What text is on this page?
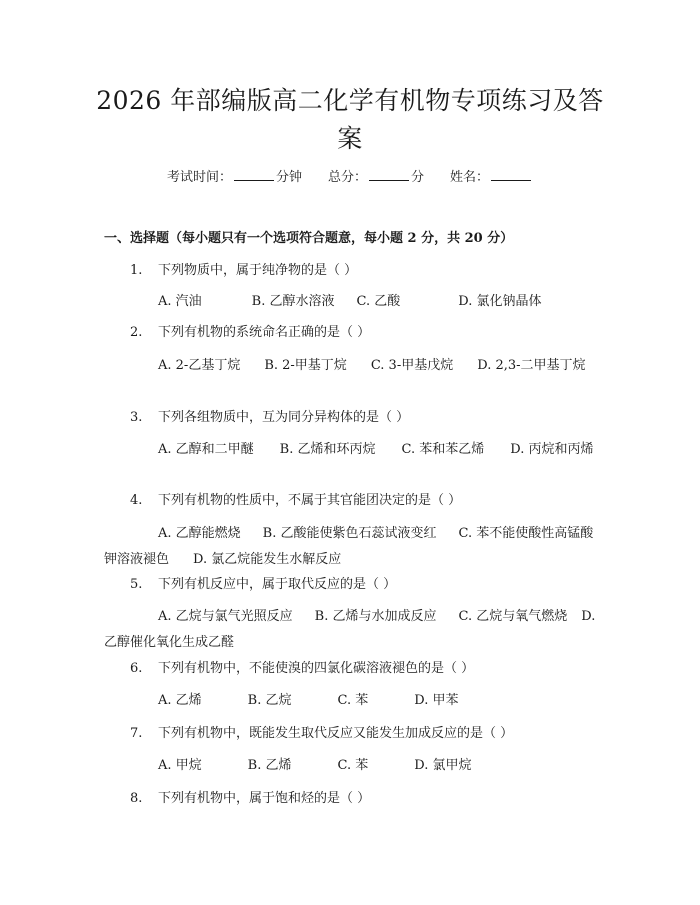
2026 年部编版高二化学有机物专项练习及答
案
考试时间：	分钟 总分：	分 姓名：
一、选择题（每小题只有一个选项符合题意，每小题 2 分，共 20 分）
1. 下列物质中，属于纯净物的是（ ）
A. 汽油	B. 乙醇水溶液 C. 乙酸	D. 氯化钠晶体
2. 下列有机物的系统命名正确的是（ ）
A. 2-乙基丁烷 B. 2-甲基丁烷 C. 3-甲基戊烷 D. 2,3-二甲基丁烷
3. 下列各组物质中，互为同分异构体的是（ ）
A. 乙醇和二甲醚 B. 乙烯和环丙烷 C. 苯和苯乙烯 D. 丙烷和丙烯
4. 下列有机物的性质中，不属于其官能团决定的是（ ）
A. 乙醇能燃烧 B. 乙酸能使紫色石蕊试液变红 C. 苯不能使酸性高锰酸钾溶液褪色 D. 氯乙烷能发生水解反应
5. 下列有机反应中，属于取代反应的是（ ）
A. 乙烷与氯气光照反应 B. 乙烯与水加成反应 C. 乙烷与氧气燃烧 D. 乙醇催化氧化生成乙醛
6. 下列有机物中，不能使溴的四氯化碳溶液褪色的是（ ）
A. 乙烯	B. 乙烷	C. 苯	D. 甲苯
7. 下列有机物中，既能发生取代反应又能发生加成反应的是（ ）
A. 甲烷	B. 乙烯	C. 苯	D. 氯甲烷
8. 下列有机物中，属于饱和烃的是（ ）
